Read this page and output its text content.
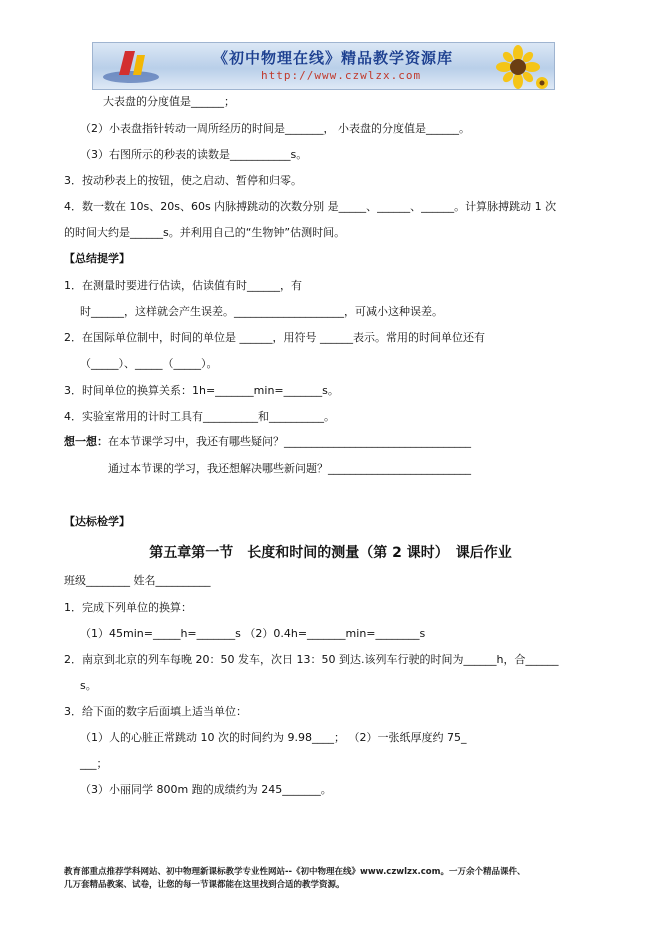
《初中物理在线》精品教学资源库
http://www.czwlzx.com
大表盘的分度值是______；
（2）小表盘指针转动一周所经历的时间是_______， 小表盘的分度值是______。
（3）右图所示的秒表的读数是___________s。
3．按动秒表上的按钮，使之启动、暂停和归零。
4．数一数在 10s、20s、60s 内脉搏跳动的次数分别 是_____、______、______。计算脉搏跳动 1 次
的时间大约是______s。并利用自己的“生物钟”估测时间。
【总结提学】
1．在测量时要进行估读，估读值有时______，有
时______，这样就会产生误差。____________________，可减小这种误差。
2．在国际单位制中，时间的单位是 ______，用符号 ______表示。常用的时间单位还有
（_____）、_____（_____）。
3．时间单位的换算关系：1h=_______min=_______s。
4．实验室常用的计时工具有__________和__________。
想一想：在本节课学习中，我还有哪些疑问？__________________________________
通过本节课的学习，我还想解决哪些新问题？__________________________
【达标检学】
班级________ 姓名__________
1．完成下列单位的换算：
（1）45min=_____h=_______s （2）0.4h=_______min=________s
2．南京到北京的列车每晚 20：50 发车，次日 13：50 到达.该列车行驶的时间为______h，合______
s。
3．给下面的数字后面填上适当单位：
（1）人的心脏正常跳动 10 次的时间约为 9.98____； （2）一张纸厚度约 75_
___；
（3）小丽同学 800m 跑的成绩约为 245_______。
第五章第一节　长度和时间的测量（第 2 课时）　课后作业
教育部重点推荐学科网站、初中物理新课标教学专业性网站--《初中物理在线》www.czwlzx.com。一万余个精品课件、
几万套精品教案、试卷，让您的每一节课都能在这里找到合适的教学资源。
